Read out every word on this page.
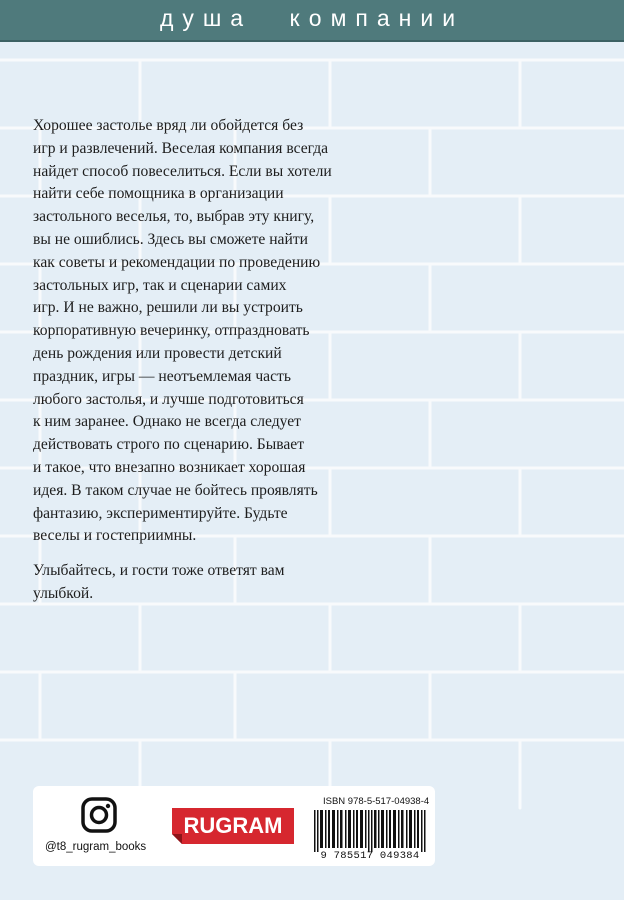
душа компании

Хорошее застолье вряд ли обойдется без
игр и развлечений. Веселая компания всегда
найдет способ повеселиться. Если вы хотели
найти себе помощника в организации
застольного веселья, то, выбрав эту книгу,
вы не ошиблись. Здесь вы сможете найти
как советы и рекомендации по проведению
застольных игр, так и сценарии самих
игр. И не важно, решили ли вы устроить
корпоративную вечеринку, отпраздновать
день рождения или провести детский
праздник, игры — неотъемлемая часть
любого застолья, и лучше подготовиться
к ним заранее. Однако не всегда следует
действовать строго по сценарию. Бывает
и такое, что внезапно возникает хорошая
идея. В таком случае не бойтесь проявлять
фантазию, экспериментируйте. Будьте
веселы и гостеприимны.

Улыбайтесь, и гости тоже ответят вам
улыбкой.

@t8_rugram_books
RUGRAM
ISBN 978-5-517-04938-4
9 785517 049384
